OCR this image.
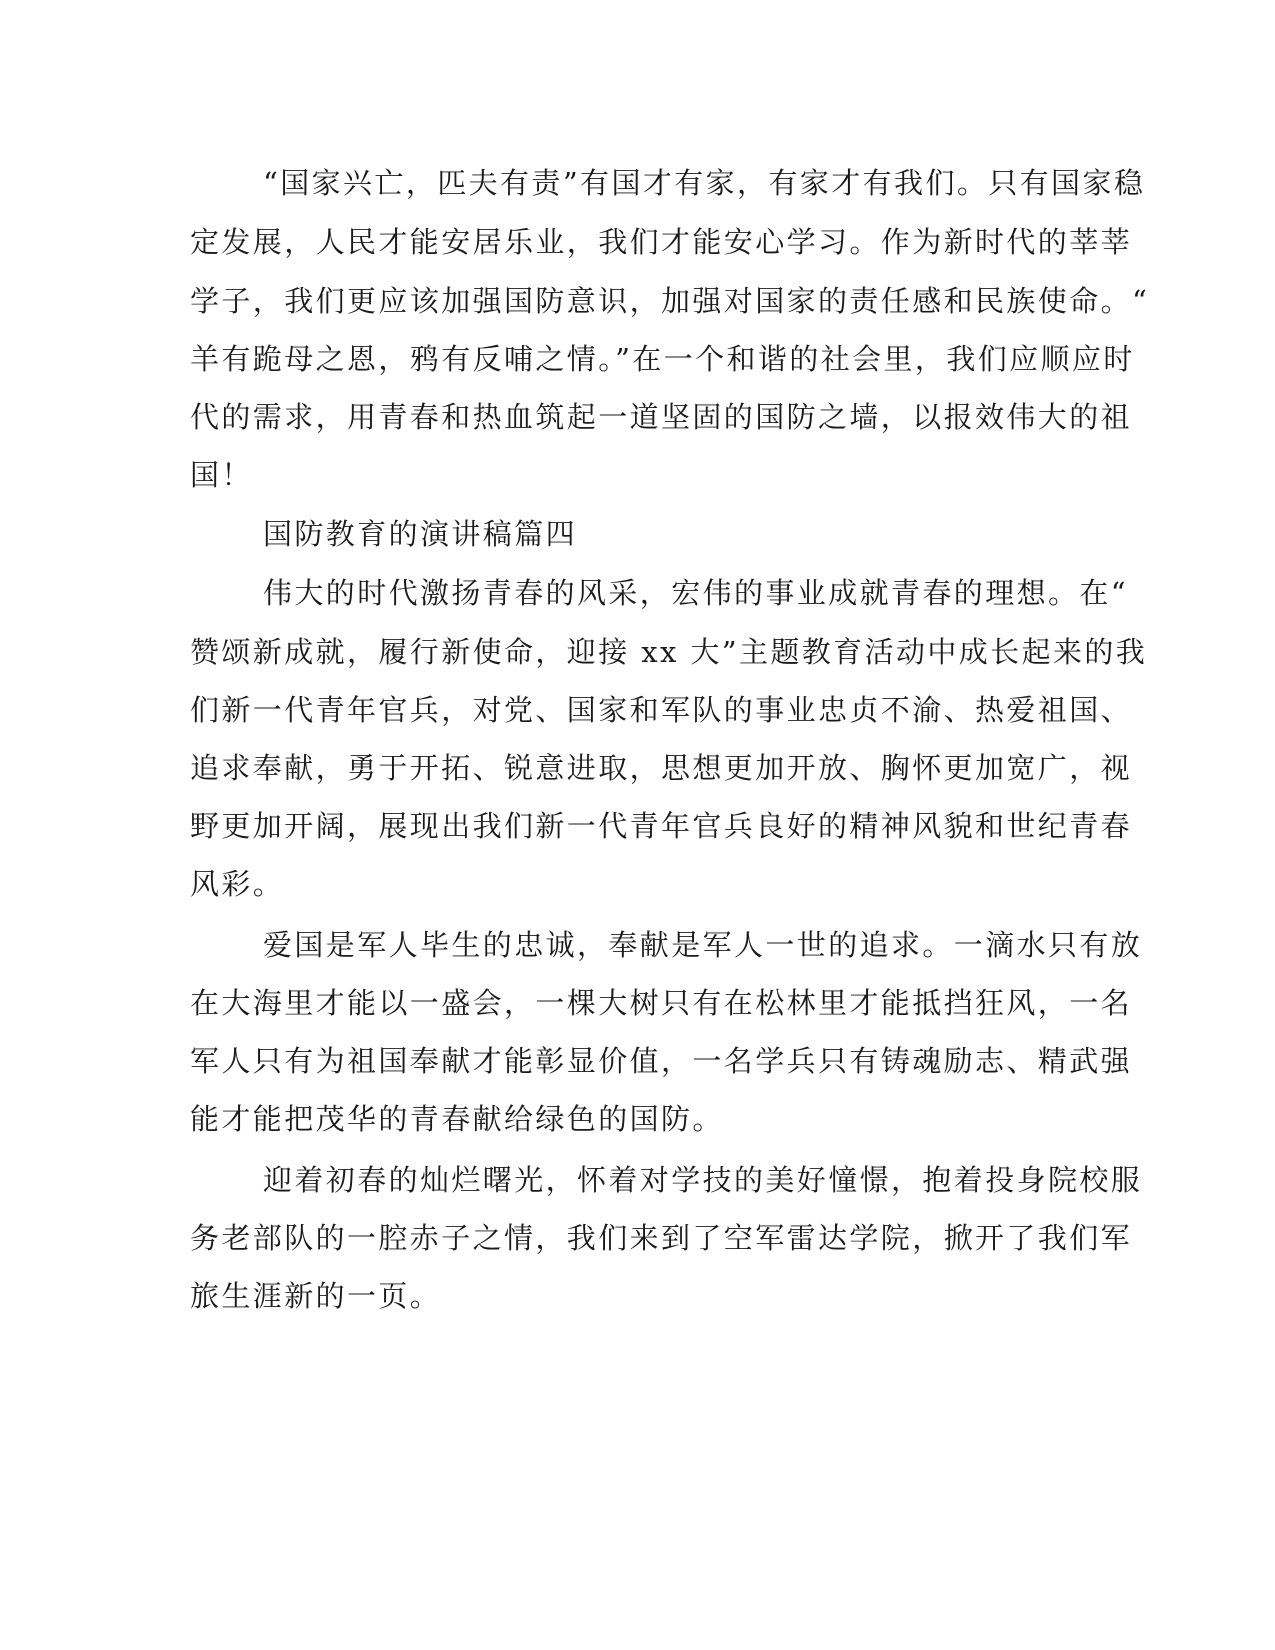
“国家兴亡，匹夫有责”有国才有家，有家才有我们。只有国家稳
定发展，人民才能安居乐业，我们才能安心学习。作为新时代的莘莘
学子，我们更应该加强国防意识，加强对国家的责任感和民族使命。“
羊有跪母之恩，鸦有反哺之情。”在一个和谐的社会里，我们应顺应时
代的需求，用青春和热血筑起一道坚固的国防之墙，以报效伟大的祖
国！
国防教育的演讲稿篇四
伟大的时代激扬青春的风采，宏伟的事业成就青春的理想。在“
赞颂新成就，履行新使命，迎接 xx 大”主题教育活动中成长起来的我
们新一代青年官兵，对党、国家和军队的事业忠贞不渝、热爱祖国、
追求奉献，勇于开拓、锐意进取，思想更加开放、胸怀更加宽广，视
野更加开阔，展现出我们新一代青年官兵良好的精神风貌和世纪青春
风彩。
爱国是军人毕生的忠诚，奉献是军人一世的追求。一滴水只有放
在大海里才能以一盛会，一棵大树只有在松林里才能抵挡狂风，一名
军人只有为祖国奉献才能彰显价值，一名学兵只有铸魂励志、精武强
能才能把茂华的青春献给绿色的国防。
迎着初春的灿烂曙光，怀着对学技的美好憧憬，抱着投身院校服
务老部队的一腔赤子之情，我们来到了空军雷达学院，掀开了我们军
旅生涯新的一页。
